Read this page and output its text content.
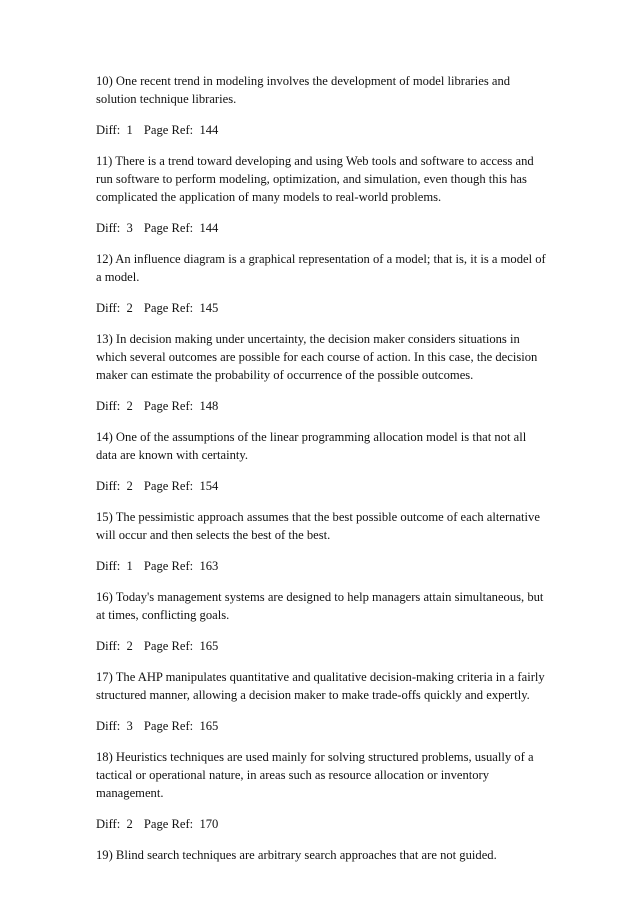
10) One recent trend in modeling involves the development of model libraries and solution technique libraries.

Diff:  1 Page Ref:  144

11) There is a trend toward developing and using Web tools and software to access and run software to perform modeling, optimization, and simulation, even though this has complicated the application of many models to real-world problems.

Diff:  3 Page Ref:  144

12) An influence diagram is a graphical representation of a model; that is, it is a model of a model.

Diff:  2 Page Ref:  145

13) In decision making under uncertainty, the decision maker considers situations in which several outcomes are possible for each course of action. In this case, the decision maker can estimate the probability of occurrence of the possible outcomes.

Diff:  2 Page Ref:  148

14) One of the assumptions of the linear programming allocation model is that not all data are known with certainty.

Diff:  2 Page Ref:  154

15) The pessimistic approach assumes that the best possible outcome of each alternative will occur and then selects the best of the best.

Diff:  1 Page Ref:  163

16) Today's management systems are designed to help managers attain simultaneous, but at times, conflicting goals.

Diff:  2 Page Ref:  165

17) The AHP manipulates quantitative and qualitative decision-making criteria in a fairly structured manner, allowing a decision maker to make trade-offs quickly and expertly.

Diff:  3 Page Ref:  165

18) Heuristics techniques are used mainly for solving structured problems, usually of a tactical or operational nature, in areas such as resource allocation or inventory management.

Diff:  2 Page Ref:  170

19) Blind search techniques are arbitrary search approaches that are not guided.
